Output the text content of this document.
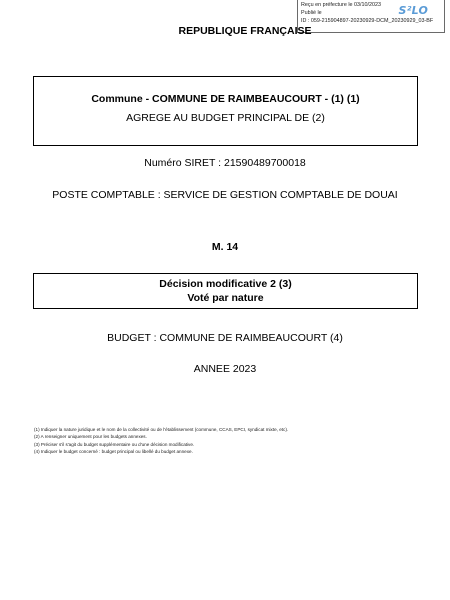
Reçu en préfecture le 03/10/2023
Publié le
ID : 059-215904897-20230929-DCM_20230929_03-BF
S²LO
REPUBLIQUE FRANÇAISE
Commune - COMMUNE DE RAIMBEAUCOURT - (1) (1)
AGREGE AU BUDGET PRINCIPAL DE (2)
Numéro SIRET : 21590489700018
POSTE COMPTABLE : SERVICE DE GESTION COMPTABLE DE DOUAI
M. 14
Décision modificative 2 (3)
Voté par nature
BUDGET : COMMUNE DE RAIMBEAUCOURT (4)
ANNEE 2023
(1) Indiquer la nature juridique et le nom de la collectivité ou de l'établissement (commune, CCAS, EPCI, syndicat mixte, etc).
(2) A renseigner uniquement pour les budgets annexes.
(3) Préciser s'il s'agit du budget supplémentaire ou d'une décision modificative.
(4) Indiquer le budget concerné : budget principal ou libellé du budget annexe.
